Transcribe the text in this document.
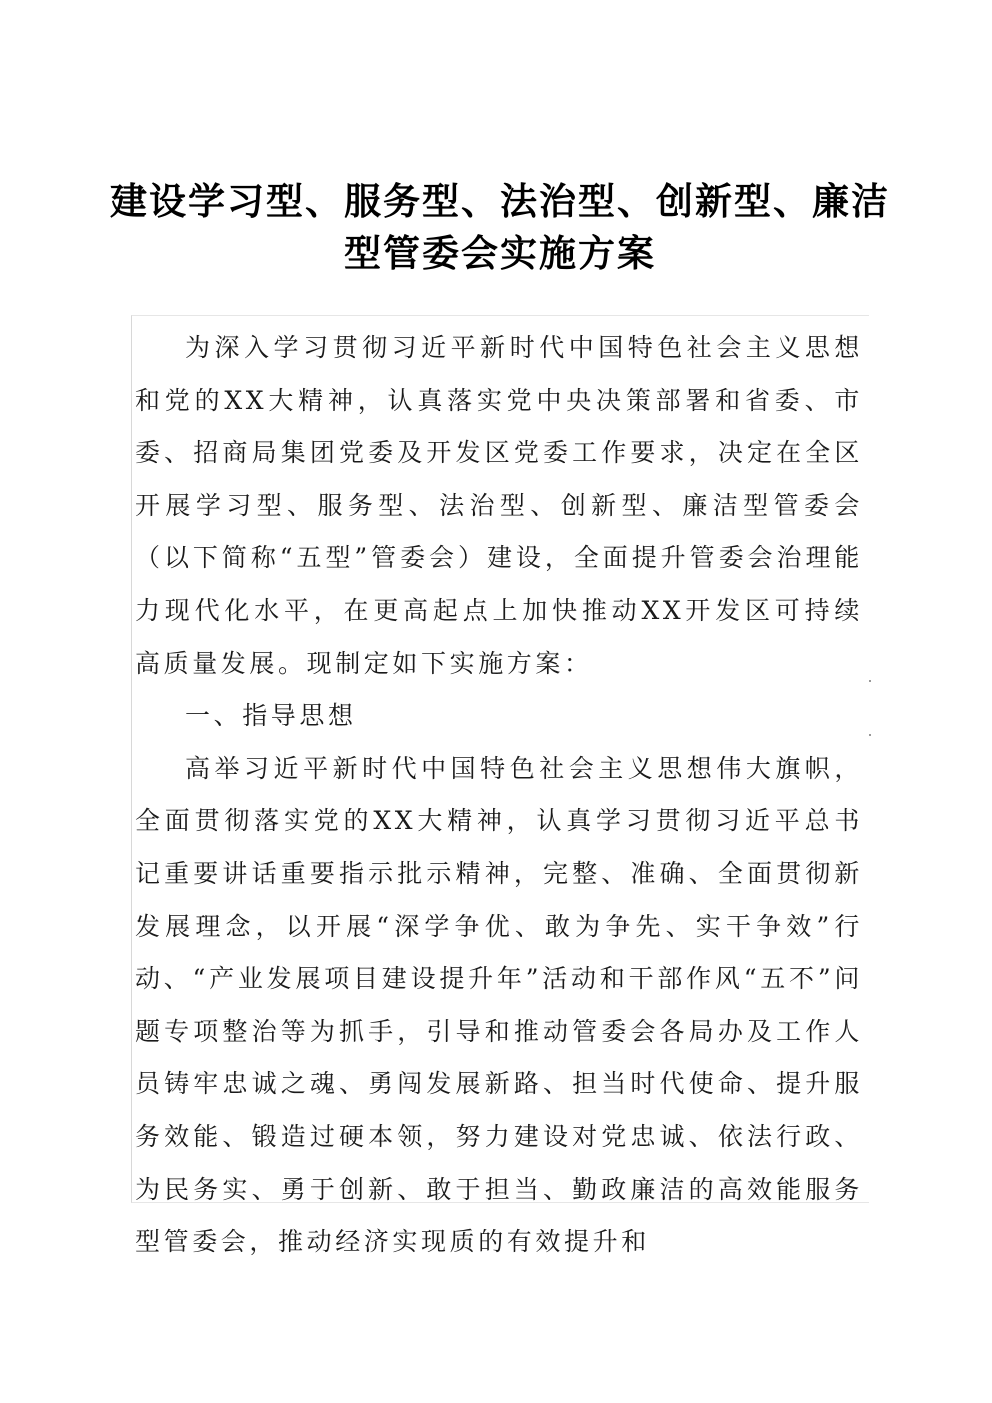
建设学习型、服务型、法治型、创新型、廉洁
型管委会实施方案

为深入学习贯彻习近平新时代中国特色社会主义思想和党的XX大精神，认真落实党中央决策部署和省委、市委、招商局集团党委及开发区党委工作要求，决定在全区开展学习型、服务型、法治型、创新型、廉洁型管委会（以下简称“五型”管委会）建设，全面提升管委会治理能力现代化水平，在更高起点上加快推动XX开发区可持续高质量发展。现制定如下实施方案：

一、指导思想

高举习近平新时代中国特色社会主义思想伟大旗帜，全面贯彻落实党的XX大精神，认真学习贯彻习近平总书记重要讲话重要指示批示精神，完整、准确、全面贯彻新发展理念，以开展“深学争优、敢为争先、实干争效”行动、“产业发展项目建设提升年”活动和干部作风“五不”问题专项整治等为抓手，引导和推动管委会各局办及工作人员铸牢忠诚之魂、勇闯发展新路、担当时代使命、提升服务效能、锻造过硬本领，努力建设对党忠诚、依法行政、为民务实、勇于创新、敢于担当、勤政廉洁的高效能服务型管委会，推动经济实现质的有效提升和
